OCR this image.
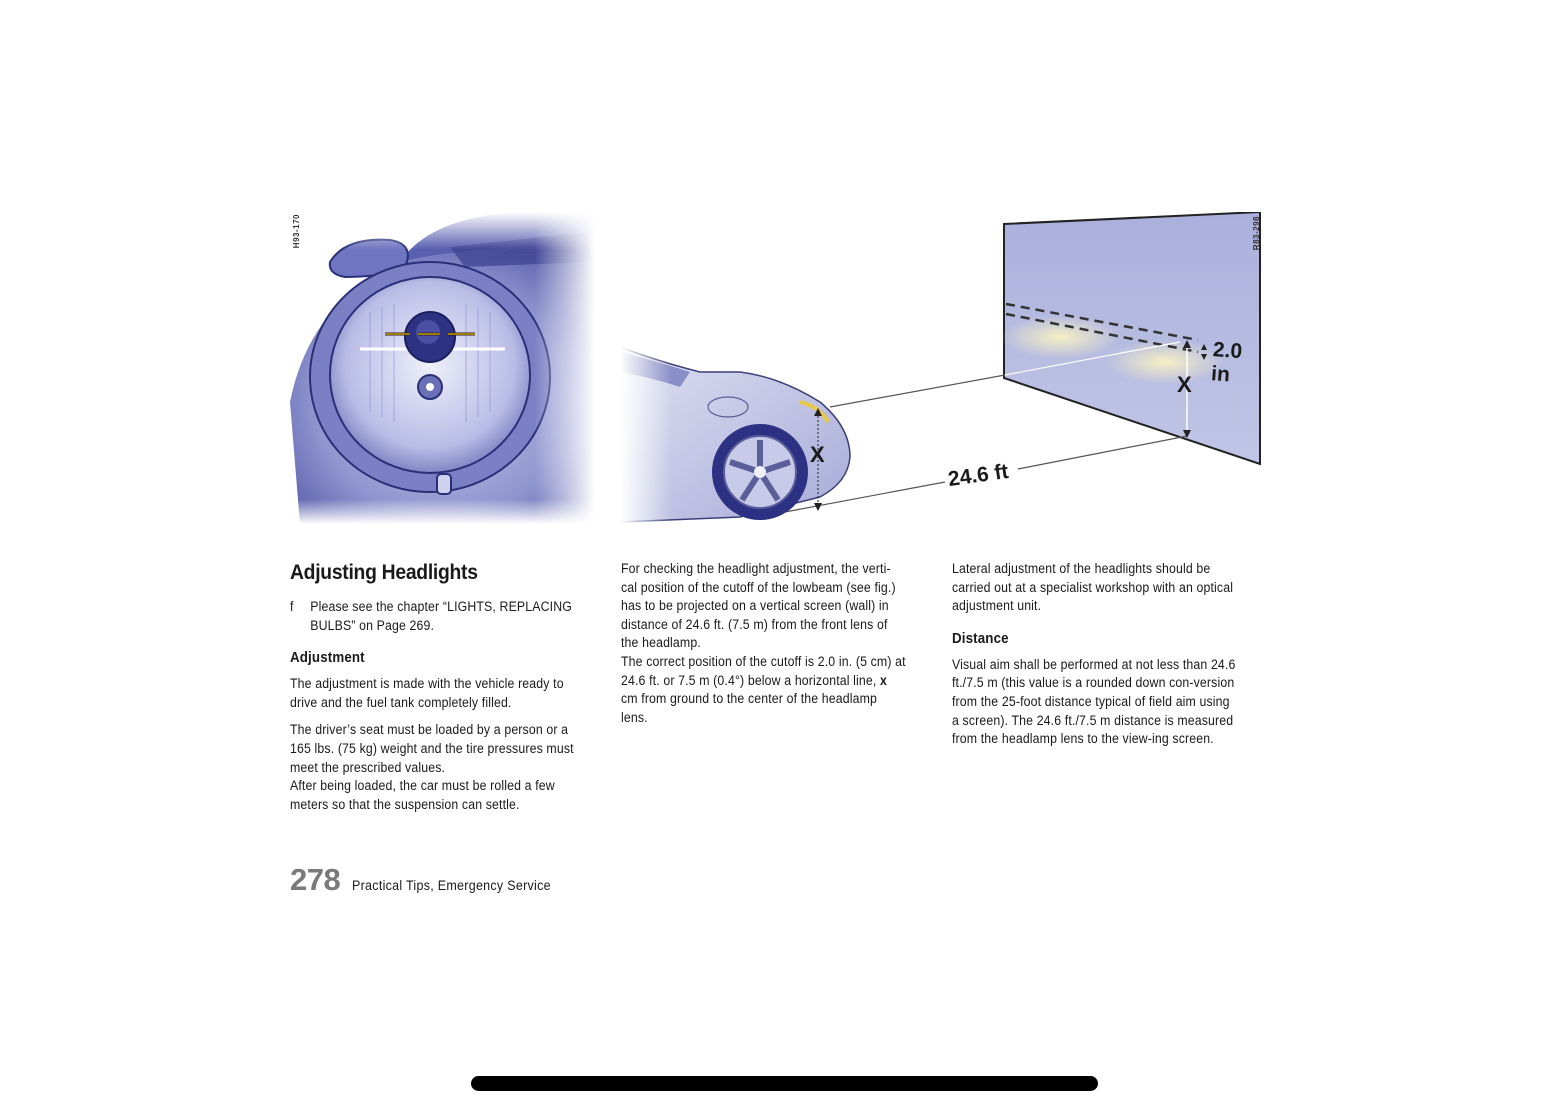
H93-170
X
X
24.6 ft
2.0 in
R83-298
Adjusting Headlights
f	Please see the chapter “LIGHTS, REPLACING BULBS” on Page 269.
Adjustment

The adjustment is made with the vehicle ready to drive and the fuel tank completely filled.

The driver’s seat must be loaded by a person or a 165 lbs. (75 kg) weight and the tire pressures must meet the prescribed values.

After being loaded, the car must be rolled a few meters so that the suspension can settle.

For checking the headlight adjustment, the verti-cal position of the cutoff of the lowbeam (see fig.) has to be projected on a vertical screen (wall) in distance of 24.6 ft. (7.5 m) from the front lens of the headlamp.

The correct position of the cutoff is 2.0 in. (5 cm) at 24.6 ft. or 7.5 m (0.4°) below a horizontal line, x cm from ground to the center of the headlamp lens.

Lateral adjustment of the headlights should be carried out at a specialist workshop with an optical adjustment unit.

Distance

Visual aim shall be performed at not less than 24.6 ft./7.5 m (this value is a rounded down con-version from the 25-foot distance typical of field aim using a screen). The 24.6 ft./7.5 m distance is measured from the headlamp lens to the view-ing screen.

278 Practical Tips, Emergency Service
